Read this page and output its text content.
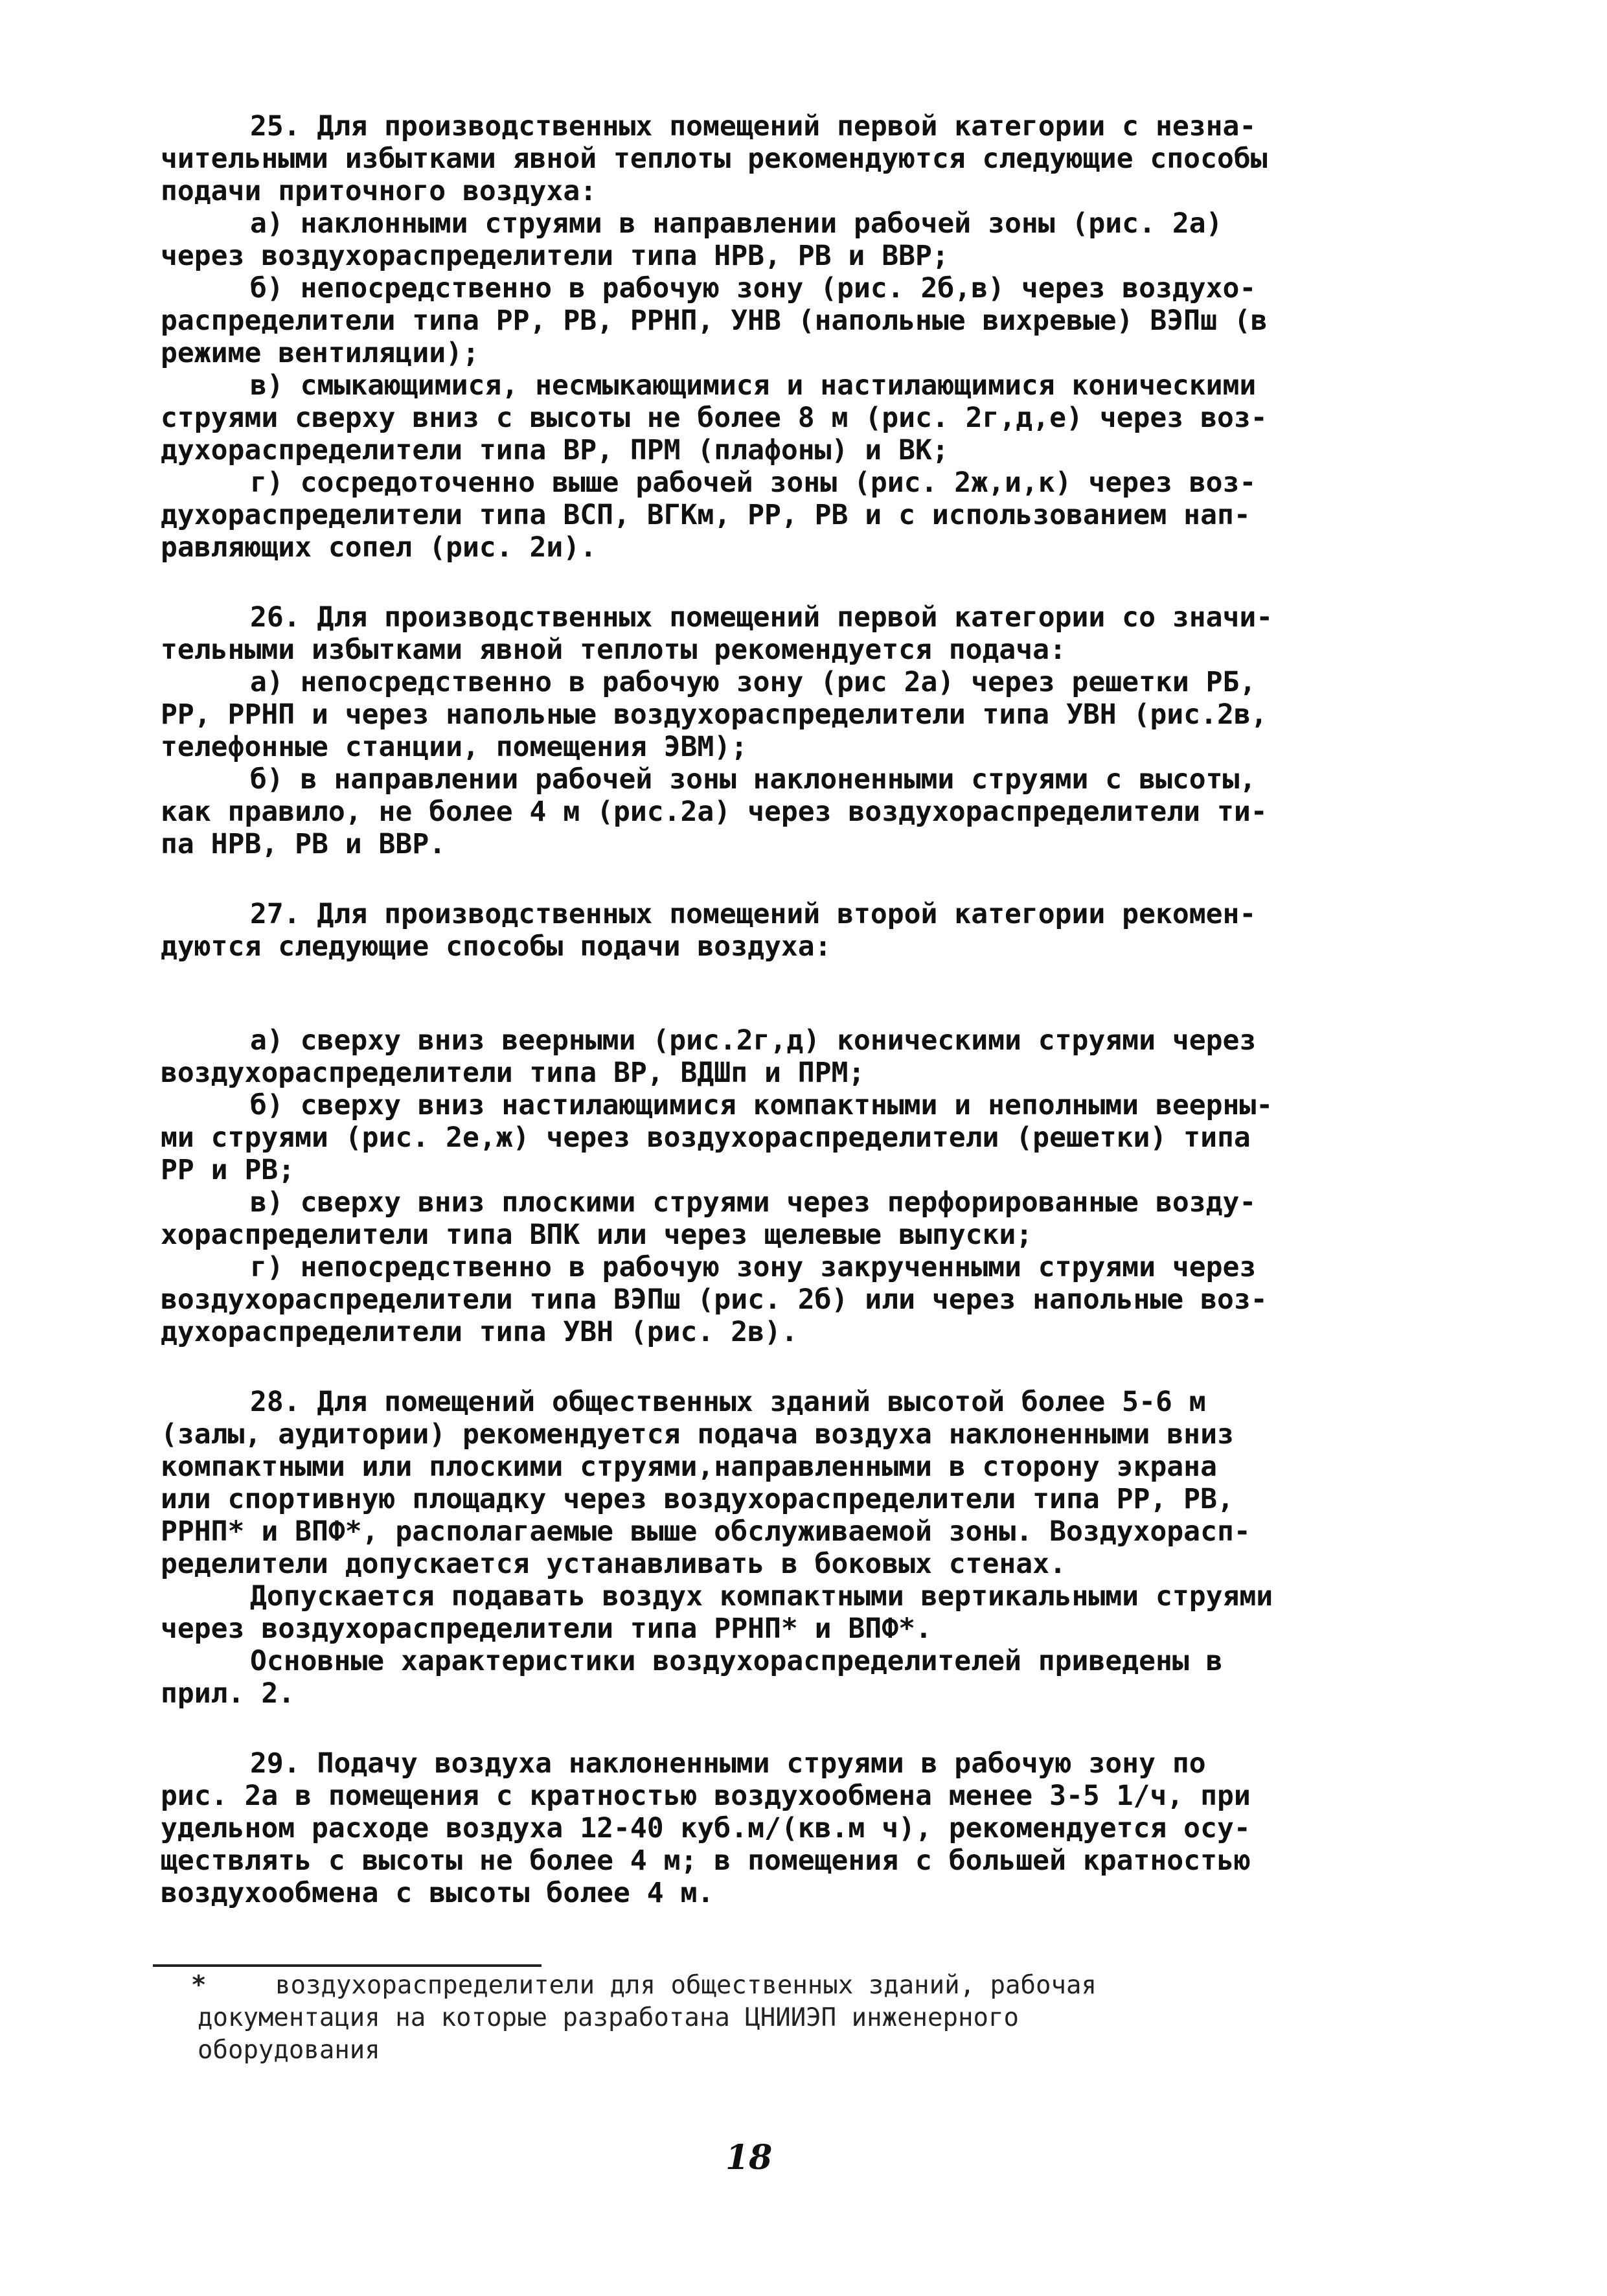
25. Для производственных помещений первой категории с незна-
чительными избытками явной теплоты рекомендуются следующие способы
подачи приточного воздуха:
а) наклонными струями в направлении рабочей зоны (рис. 2а)
через воздухораспределители типа НРВ, РВ и ВВР;
б) непосредственно в рабочую зону (рис. 2б,в) через воздухо-
распределители типа РР, РВ, РРНП, УНВ (напольные вихревые) ВЭПш (в
режиме вентиляции);
в) смыкающимися, несмыкающимися и настилающимися коническими
струями сверху вниз с высоты не более 8 м (рис. 2г,д,е) через воз-
духораспределители типа ВР, ПРМ (плафоны) и ВК;
г) сосредоточенно выше рабочей зоны (рис. 2ж,и,к) через воз-
духораспределители типа ВСП, ВГКм, РР, РВ и с использованием нап-
равляющих сопел (рис. 2и).
26. Для производственных помещений первой категории со значи-
тельными избытками явной теплоты рекомендуется подача:
а) непосредственно в рабочую зону (рис 2а) через решетки РБ,
РР, РРНП и через напольные воздухораспределители типа УВН (рис.2в,
телефонные станции, помещения ЭВМ);
б) в направлении рабочей зоны наклоненными струями с высоты,
как правило, не более 4 м (рис.2а) через воздухораспределители ти-
па НРВ, РВ и ВВР.
27. Для производственных помещений второй категории рекомен-
дуются следующие способы подачи воздуха:
а) сверху вниз веерными (рис.2г,д) коническими струями через
воздухораспределители типа ВР, ВДШп и ПРМ;
б) сверху вниз настилающимися компактными и неполными веерны-
ми струями (рис. 2е,ж) через воздухораспределители (решетки) типа
РР и РВ;
в) сверху вниз плоскими струями через перфорированные возду-
хораспределители типа ВПК или через щелевые выпуски;
г) непосредственно в рабочую зону закрученными струями через
воздухораспределители типа ВЭПш (рис. 2б) или через напольные воз-
духораспределители типа УВН (рис. 2в).
28. Для помещений общественных зданий высотой более 5-6 м
(залы, аудитории) рекомендуется подача воздуха наклоненными вниз
компактными или плоскими струями,направленными в сторону экрана
или спортивную площадку через воздухораспределители типа РР, РВ,
РРНП* и ВПФ*, располагаемые выше обслуживаемой зоны. Воздухорасп-
ределители допускается устанавливать в боковых стенах.
Допускается подавать воздух компактными вертикальными струями
через воздухораспределители типа РРНП* и ВПФ*.
Основные характеристики воздухораспределителей приведены в
прил. 2.
29. Подачу воздуха наклоненными струями в рабочую зону по
рис. 2а в помещения с кратностью воздухообмена менее 3-5 1/ч, при
удельном расходе воздуха 12-40 куб.м/(кв.м ч), рекомендуется осу-
ществлять с высоты не более 4 м; в помещения с большей кратностью
воздухообмена с высоты более 4 м.
*	воздухораспределители для общественных зданий, рабочая
документация на которые разработана ЦНИИЭП инженерного
оборудования
18
